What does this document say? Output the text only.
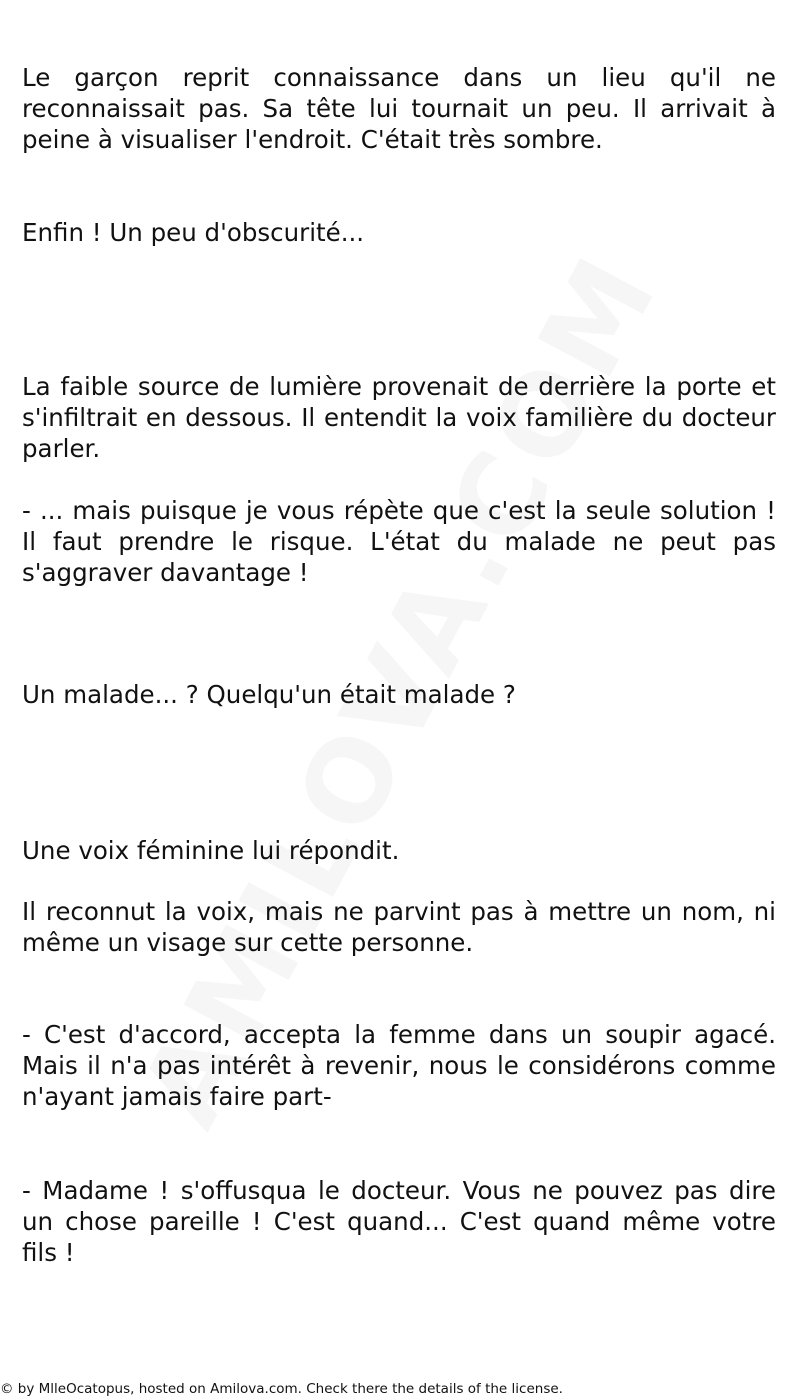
Le garçon reprit connaissance dans un lieu qu'il ne reconnaissait pas. Sa tête lui tournait un peu. Il arrivait à peine à visualiser l'endroit. C'était très sombre.

Enfin ! Un peu d'obscurité...

La faible source de lumière provenait de derrière la porte et s'infiltrait en dessous. Il entendit la voix familière du docteur parler.

- ... mais puisque je vous répète que c'est la seule solution ! Il faut prendre le risque. L'état du malade ne peut pas s'aggraver davantage !

Un malade... ? Quelqu'un était malade ?

Une voix féminine lui répondit.

Il reconnut la voix, mais ne parvint pas à mettre un nom, ni même un visage sur cette personne.

- C'est d'accord, accepta la femme dans un soupir agacé. Mais il n'a pas intérêt à revenir, nous le considérons comme n'ayant jamais faire part-

- Madame ! s'offusqua le docteur. Vous ne pouvez pas dire un chose pareille ! C'est quand... C'est quand même votre fils !

© by MlleOcatopus, hosted on Amilova.com. Check there the details of the license.
